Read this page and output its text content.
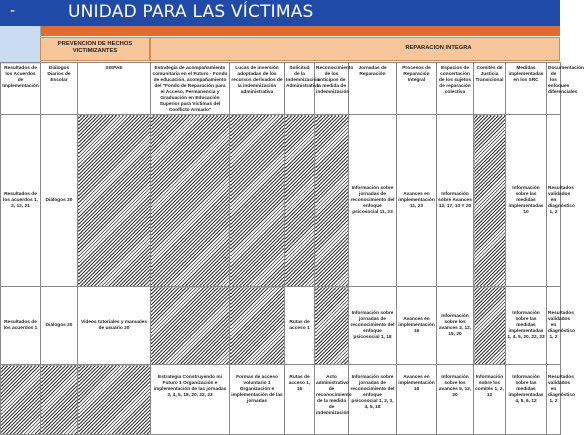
-	UNIDAD PARA LAS VÍCTIMAS
PREVENCION DE HECHOS VICTIMIZANTES	REPARACION INTEGRA
Resultados de los Acuerdos de Implementación	Diálogos Diarios de Escolar	SISPAE	Estrategia de acompañamiento comunitaria en el Futuro - Fondo de educación, acompañamiento del "Fondo de Reparación para el Acceso, Permanencia y Graduación en Educación Superior para Víctimas del Conflicto Armado"	Lucas de inversión adoptadas de los recursos derivados de la indemnización administrativa	Solicitud de la Indemnización Administrativa	Reconocimiento de los anticipos de la medida de indemnización	Jornadas de Reparación	Procesos de Reparación Integral	Espacios de concertación de los sujetos de reparación colectiva	Comités de Justicia Transicional	Medidas implementadas en los SRC	Documentación de los enfoques diferenciales
Resultados de los acuerdos 1, 2, 12, 21	Diálogos 20						Información sobre jornadas de reconocimiento del enfoque psicosocial 11, 23	Avances en implementación 11, 23	Información sobre Avances 12, 17, 13 Y 20		Información sobre las medidas implementadas 10	Resultados validados en diagnóstico 1, 2
Resultados de los acuerdos 1	Diálogos 20	Videos tutoriales y manuales de usuario 20			Rutas de acceso 1		Información sobre jornadas de reconocimiento del enfoque psicosocial 1, 18	Avances en implementación 16	Información sobre los avances 3, 12, 15, 20		Información sobre las medidas implementadas 1, 4, 5, 20, 22, 23	Resultados validados en diagnóstico 1, 2
			Estrategia Construyendo mi Futuro 1 Organización e implementación de las jornadas 3, 4, 5, 18, 20, 22, 23	Formas de acceso voluntario 1 Organización e implementación de las jornadas	Rutas de acceso 1, 16	Acto administrativo de reconocimiento de la medida de indemnización	Información sobre jornadas de reconocimiento del enfoque psicosocial 1, 2, 3, 4, 5, 18	Avances en implementación 16	Información sobre los avances 5, 12, 20	Información sobre los comités 1, 2, 12	Información sobre las medidas implementadas 4, 5, 6, 12	Resultados validados en diagnóstico 1, 2
